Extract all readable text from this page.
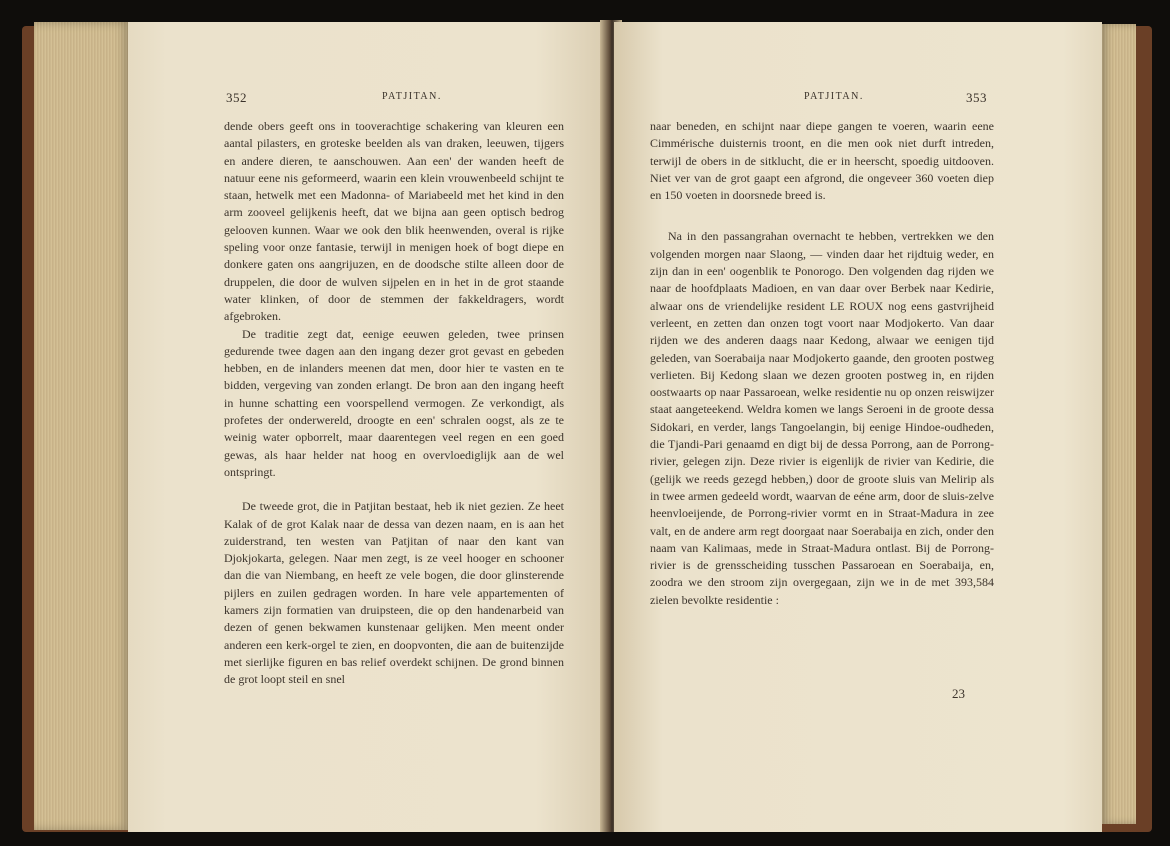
352	PATJITAN.

dende obers geeft ons in tooverachtige schakering van kleuren een aantal pilasters, en groteske beelden als van draken, leeuwen, tijgers en andere dieren, te aanschouwen. Aan een' der wanden heeft de natuur eene nis geformeerd, waarin een klein vrouwenbeeld schijnt te staan, hetwelk met een Madonna- of Mariabeeld met het kind in den arm zooveel gelijkenis heeft, dat we bijna aan geen optisch bedrog gelooven kunnen. Waar we ook den blik heenwenden, overal is rijke speling voor onze fantasie, terwijl in menigen hoek of bogt diepe en donkere gaten ons aangrijuzen, en de doodsche stilte alleen door de druppelen, die door de wulven sijpelen en in het in de grot staande water klinken, of door de stemmen der fakkeldragers, wordt afgebroken.

De traditie zegt dat, eenige eeuwen geleden, twee prinsen gedurende twee dagen aan den ingang dezer grot gevast en gebeden hebben, en de inlanders meenen dat men, door hier te vasten en te bidden, vergeving van zonden erlangt. De bron aan den ingang heeft in hunne schatting een voorspellend vermogen. Ze verkondigt, als profetes der onderwereld, droogte en een' schralen oogst, als ze te weinig water opborrelt, maar daarentegen veel regen en een goed gewas, als haar helder nat hoog en overvloediglijk aan de wel ontspringt.

De tweede grot, die in Patjitan bestaat, heb ik niet gezien. Ze heet Kalak of de grot Kalak naar de dessa van dezen naam, en is aan het zuiderstrand, ten westen van Patjitan of naar den kant van Djokjokarta, gelegen. Naar men zegt, is ze veel hooger en schooner dan die van Niembang, en heeft ze vele bogen, die door glinsterende pijlers en zuilen gedragen worden. In hare vele appartementen of kamers zijn formatien van druipsteen, die op den handenarbeid van dezen of genen bekwamen kunstenaar gelijken. Men meent onder anderen een kerk-orgel te zien, en doopvonten, die aan de buitenzijde met sierlijke figuren en bas relief overdekt schijnen. De grond binnen de grot loopt steil en snel

PATJITAN.	353

naar beneden, en schijnt naar diepe gangen te voeren, waarin eene Cimmérische duisternis troont, en die men ook niet durft intreden, terwijl de obers in de sitklucht, die er in heerscht, spoedig uitdooven. Niet ver van de grot gaapt een afgrond, die ongeveer 360 voeten diep en 150 voeten in doorsnede breed is.

Na in den passangrahan overnacht te hebben, vertrekken we den volgenden morgen naar Slaong, — vinden daar het rijdtuig weder, en zijn dan in een' oogenblik te Ponorogo. Den volgenden dag rijden we naar de hoofdplaats Madioen, en van daar over Berbek naar Kedirie, alwaar ons de vriendelijke resident LE ROUX nog eens gastvrijheid verleent, en zetten dan onzen togt voort naar Modjokerto. Van daar rijden we des anderen daags naar Kedong, alwaar we eenigen tijd geleden, van Soerabaija naar Modjokerto gaande, den grooten postweg verlieten. Bij Kedong slaan we dezen grooten postweg in, en rijden oostwaarts op naar Passaroean, welke residentie nu op onzen reiswijzer staat aangeteekend. Weldra komen we langs Seroeni in de groote dessa Sidokari, en verder, langs Tangoelangin, bij eenige Hindoe-oudheden, die Tjandi-Pari genaamd en digt bij de dessa Porrong, aan de Porrong-rivier, gelegen zijn. Deze rivier is eigenlijk de rivier van Kedirie, die (gelijk we reeds gezegd hebben,) door de groote sluis van Melirip als in twee armen gedeeld wordt, waarvan de eéne arm, door de sluis-zelve heenvloeijende, de Porrong-rivier vormt en in Straat-Madura in zee valt, en de andere arm regt doorgaat naar Soerabaija en zich, onder den naam van Kalimaas, mede in Straat-Madura ontlast. Bij de Porrong-rivier is de grensscheiding tusschen Passaroean en Soerabaija, en, zoodra we den stroom zijn overgegaan, zijn we in de met 393,584 zielen bevolkte residentie :

23
